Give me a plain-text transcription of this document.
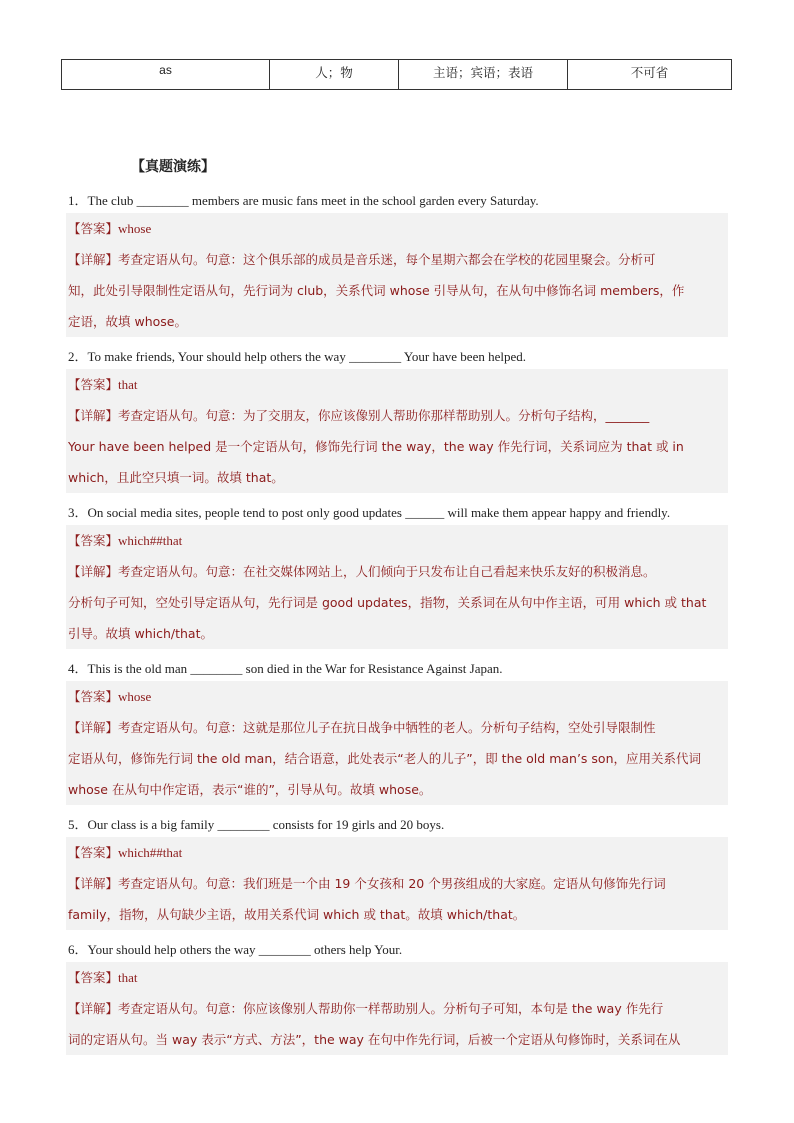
as	人；物	主语；宾语；表语	不可省
【真题演练】
1．The club ________ members are music fans meet in the school garden every Saturday.
【答案】whose
【详解】考查定语从句。句意：这个俱乐部的成员是音乐迷，每个星期六都会在学校的花园里聚会。分析可
知，此处引导限制性定语从句，先行词为 club，关系代词 whose 引导从句，在从句中修饰名词 members，作
定语，故填 whose。
2．To make friends, Your should help others the way ________ Your have been helped.
【答案】that
【详解】考查定语从句。句意：为了交朋友，你应该像别人帮助你那样帮助别人。分析句子结构，_______
Your have been helped 是一个定语从句，修饰先行词 the way，the way 作先行词，关系词应为 that 或 in
which，且此空只填一词。故填 that。
3．On social media sites, people tend to post only good updates ______ will make them appear happy and friendly.
【答案】which##that
【详解】考查定语从句。句意：在社交媒体网站上，人们倾向于只发布让自己看起来快乐友好的积极消息。
分析句子可知，空处引导定语从句，先行词是 good updates，指物，关系词在从句中作主语，可用 which 或 that
引导。故填 which/that。
4．This is the old man ________ son died in the War for Resistance Against Japan.
【答案】whose
【详解】考查定语从句。句意：这就是那位儿子在抗日战争中牺牲的老人。分析句子结构，空处引导限制性
定语从句，修饰先行词 the old man，结合语意，此处表示“老人的儿子”，即 the old man’s son，应用关系代词
whose 在从句中作定语，表示“谁的”，引导从句。故填 whose。
5．Our class is a big family ________ consists for 19 girls and 20 boys.
【答案】which##that
【详解】考查定语从句。句意：我们班是一个由 19 个女孩和 20 个男孩组成的大家庭。定语从句修饰先行词
family，指物，从句缺少主语，故用关系代词 which 或 that。故填 which/that。
6．Your should help others the way ________ others help Your.
【答案】that
【详解】考查定语从句。句意：你应该像别人帮助你一样帮助别人。分析句子可知，本句是 the way 作先行
词的定语从句。当 way 表示“方式、方法”，the way 在句中作先行词，后被一个定语从句修饰时，关系词在从
